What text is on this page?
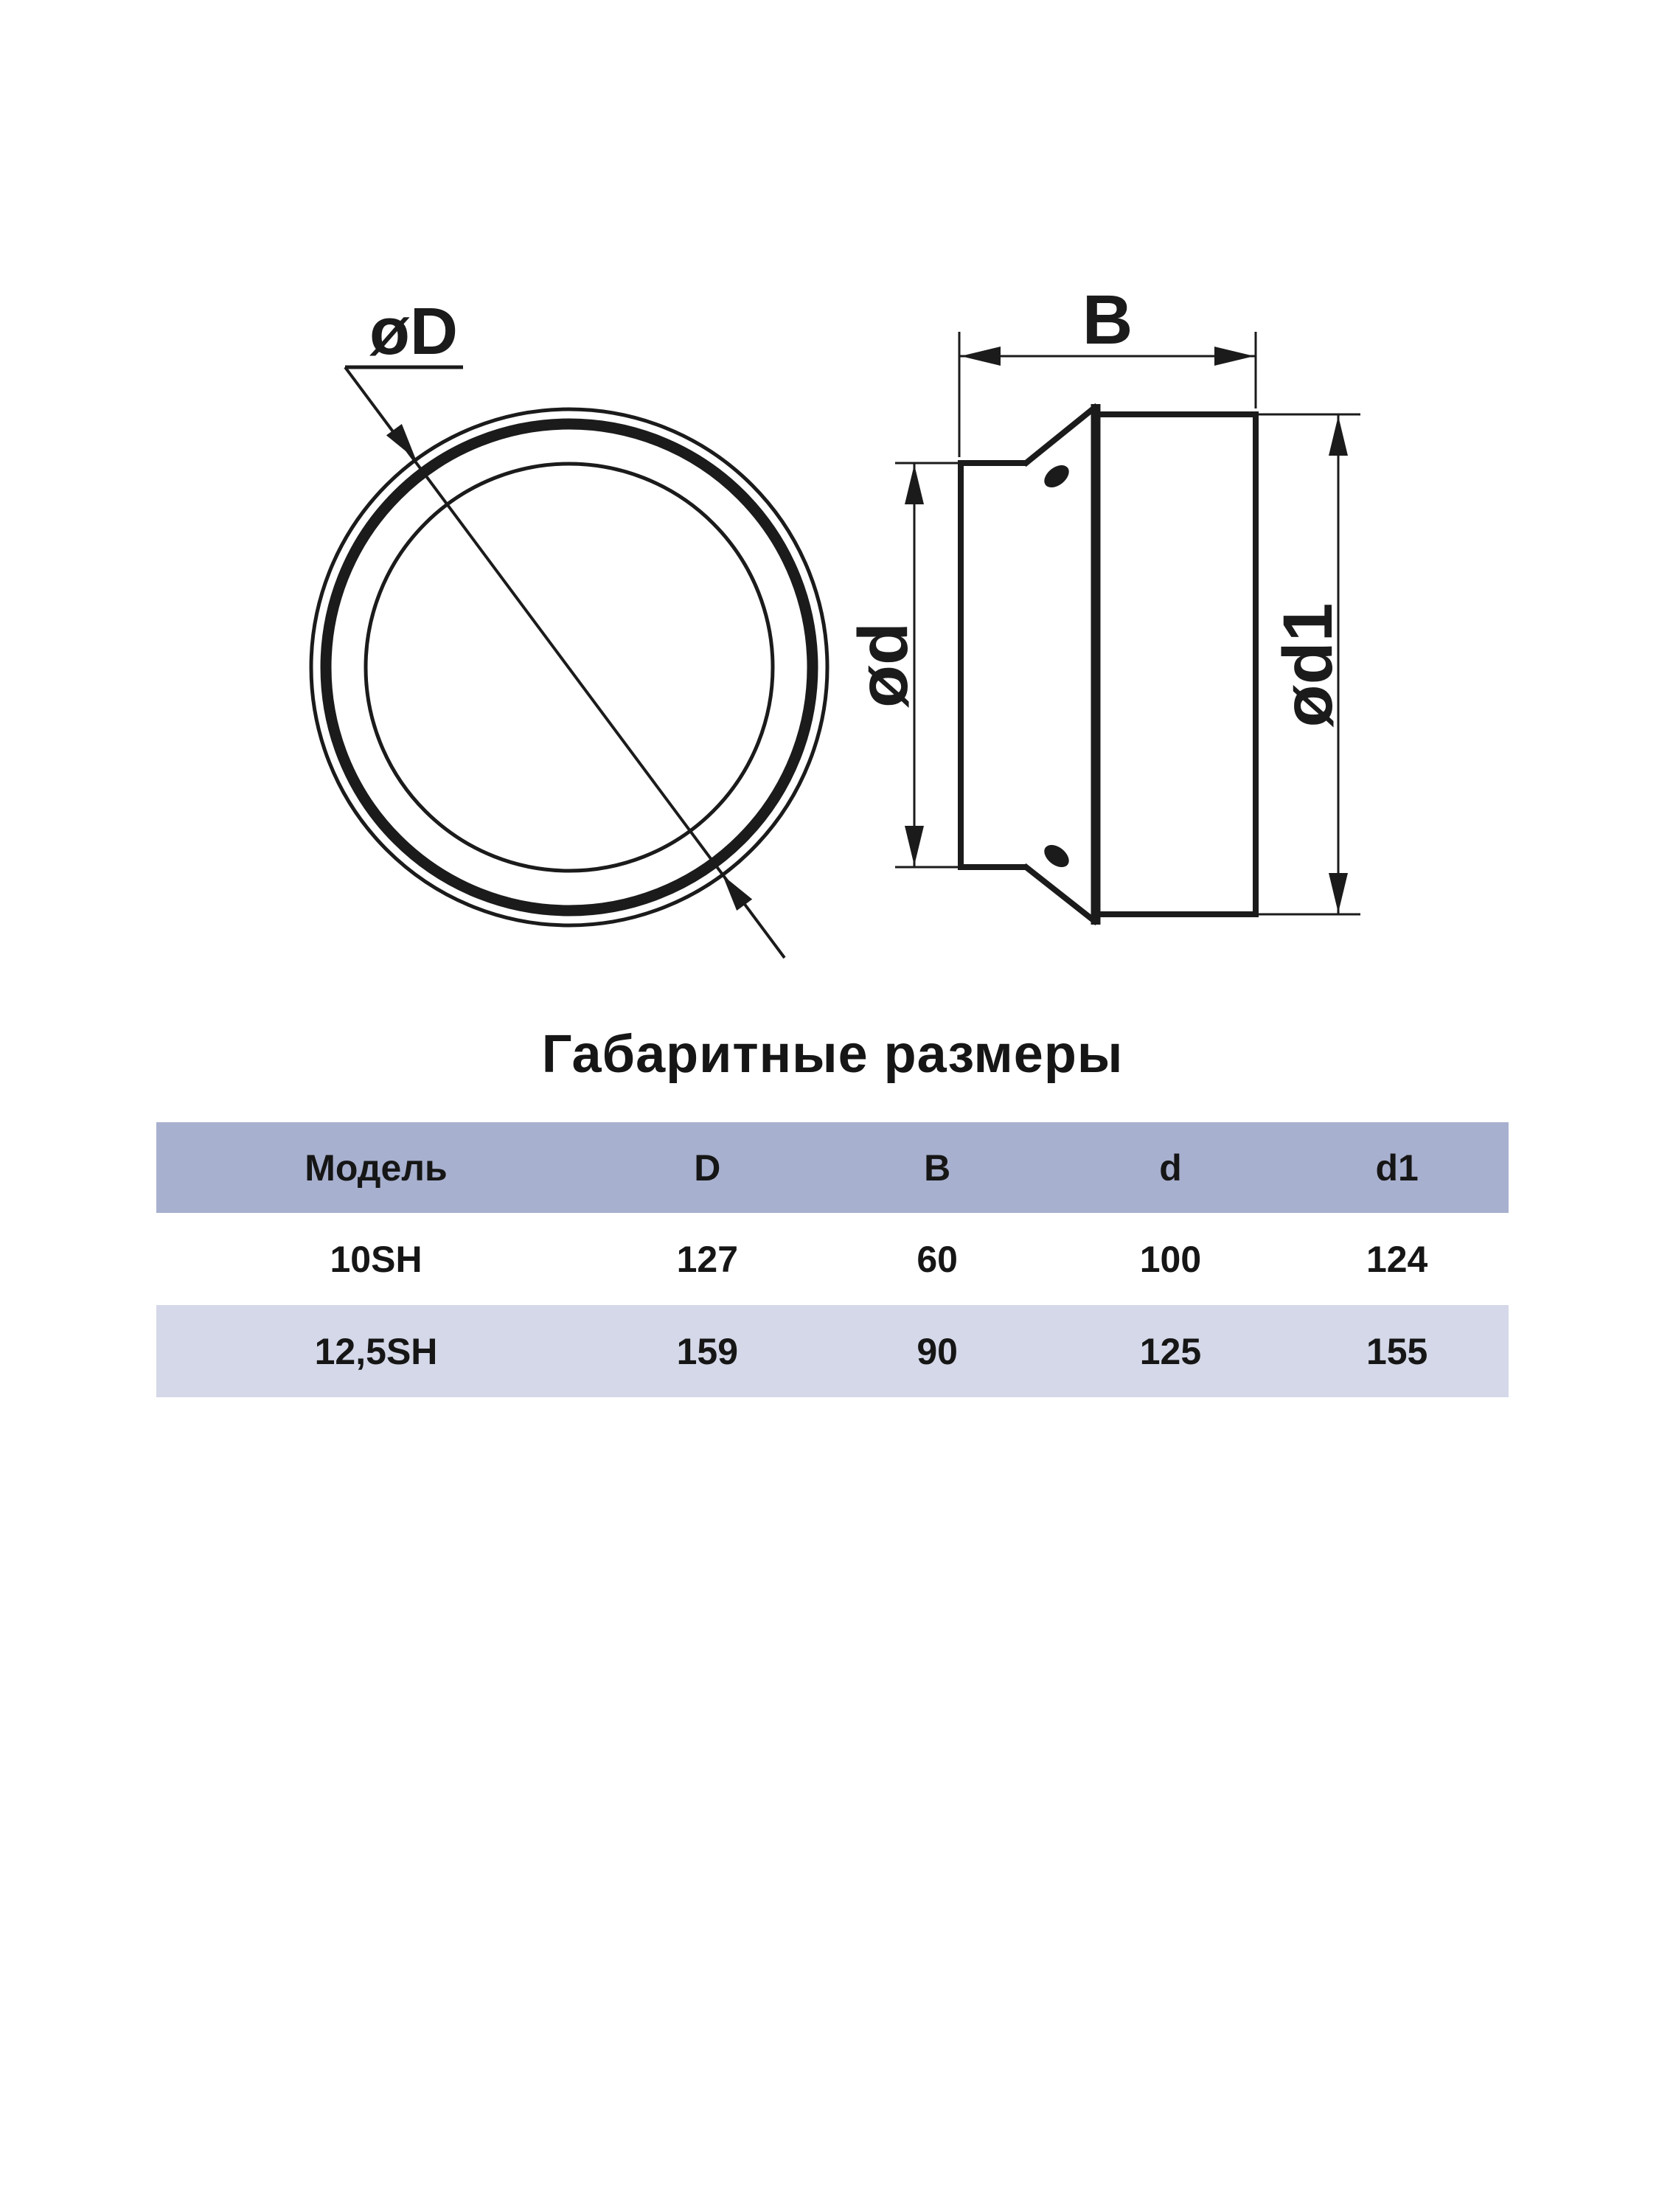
øD	B
ød	ød1
Габаритные размеры
Модель	D	B	d	d1
10SH	127	60	100	124
12,5SH	159	90	125	155
